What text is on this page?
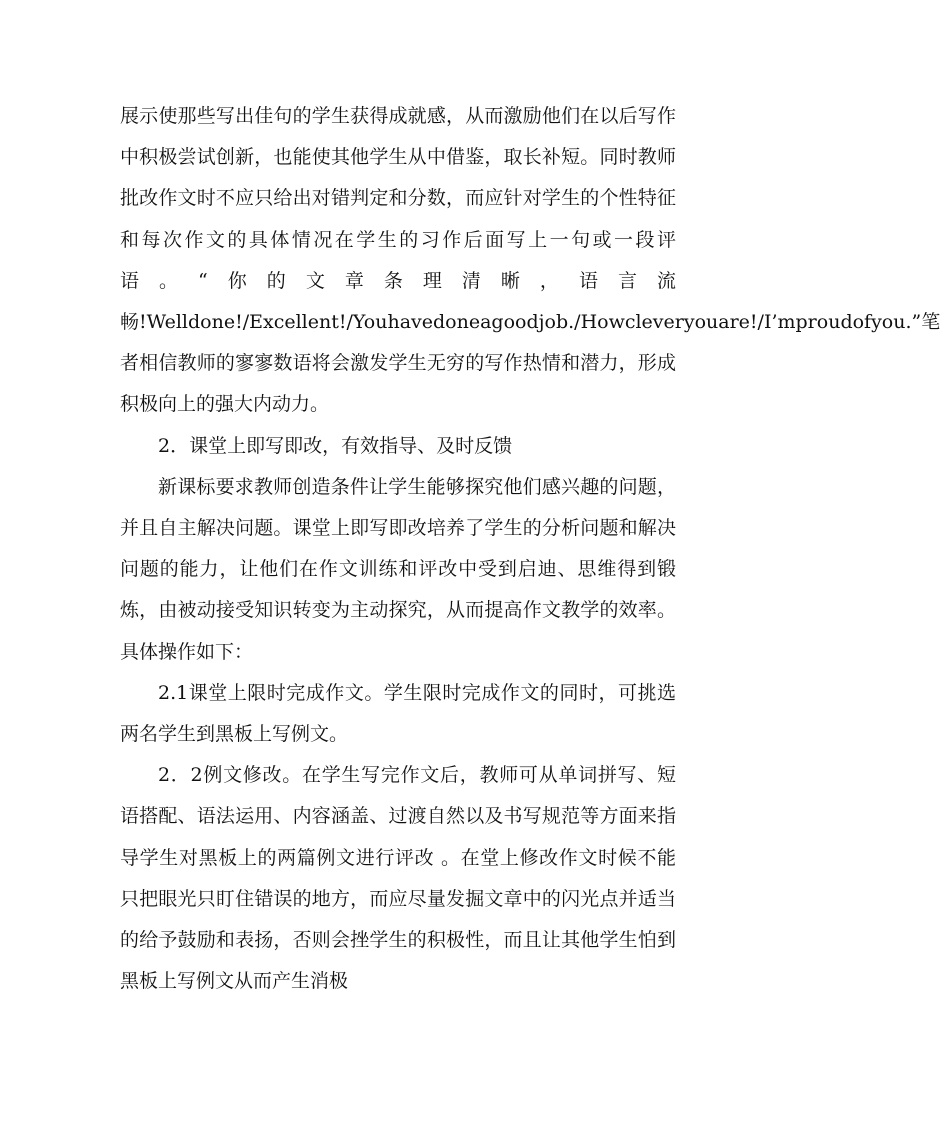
展示使那些写出佳句的学生获得成就感，从而激励他们在以后写作中积极尝试创新，也能使其他学生从中借鉴，取长补短。同时教师批改作文时不应只给出对错判定和分数，而应针对学生的个性特征和每次作文的具体情况在学生的习作后面写上一句或一段评语。“你的文章条理清晰，语言流畅!Welldone!/Excellent!/Youhavedoneagoodjob./Howcleveryouare!/I’mproudofyou.”笔者相信教师的寥寥数语将会激发学生无穷的写作热情和潜力，形成积极向上的强大内动力。

2．课堂上即写即改，有效指导、及时反馈

新课标要求教师创造条件让学生能够探究他们感兴趣的问题，并且自主解决问题。课堂上即写即改培养了学生的分析问题和解决问题的能力，让他们在作文训练和评改中受到启迪、思维得到锻炼，由被动接受知识转变为主动探究，从而提高作文教学的效率。具体操作如下：

2.1课堂上限时完成作文。学生限时完成作文的同时，可挑选两名学生到黑板上写例文。

2．2例文修改。在学生写完作文后，教师可从单词拼写、短语搭配、语法运用、内容涵盖、过渡自然以及书写规范等方面来指导学生对黑板上的两篇例文进行评改 。在堂上修改作文时候不能只把眼光只盯住错误的地方，而应尽量发掘文章中的闪光点并适当的给予鼓励和表扬，否则会挫学生的积极性，而且让其他学生怕到黑板上写例文从而产生消极
